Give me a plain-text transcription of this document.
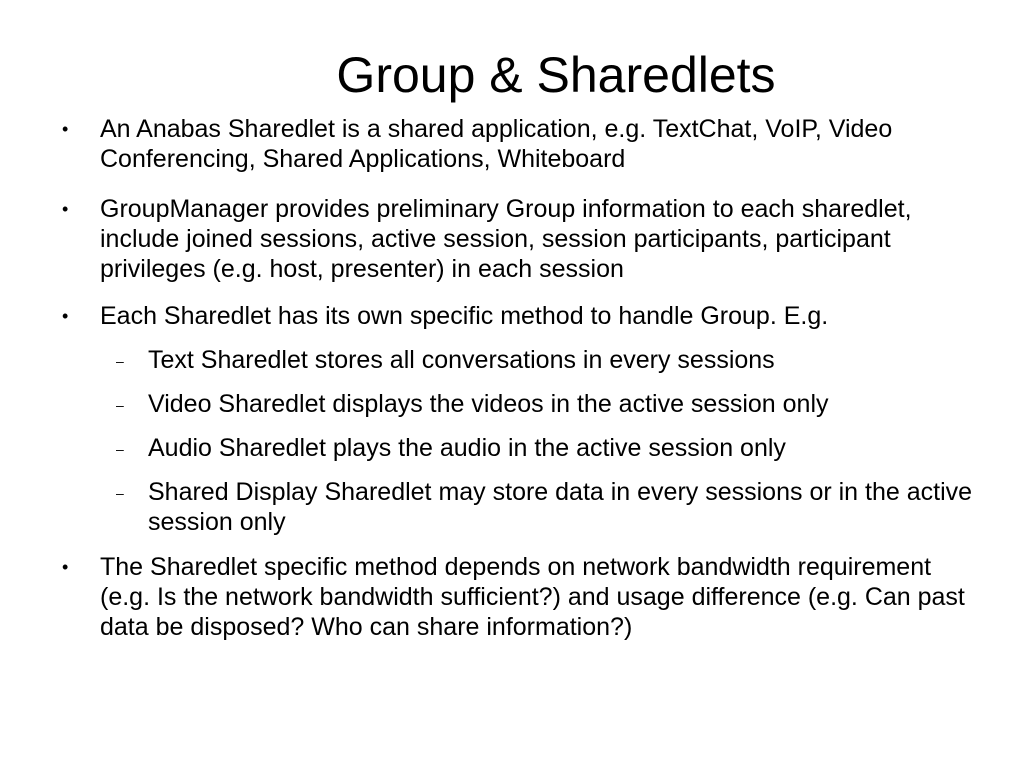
Group & Sharedlets
• An Anabas Sharedlet is a shared application, e.g. TextChat, VoIP, Video Conferencing, Shared Applications, Whiteboard
• GroupManager provides preliminary Group information to each sharedlet, include joined sessions, active session, session participants, participant privileges (e.g. host, presenter) in each session
• Each Sharedlet has its own specific method to handle Group. E.g.
– Text Sharedlet stores all conversations in every sessions
– Video Sharedlet displays the videos in the active session only
– Audio Sharedlet plays the audio in the active session only
– Shared Display Sharedlet may store data in every sessions or in the active session only
• The Sharedlet specific method depends on network bandwidth requirement (e.g. Is the network bandwidth sufficient?) and usage difference (e.g. Can past data be disposed? Who can share information?)
